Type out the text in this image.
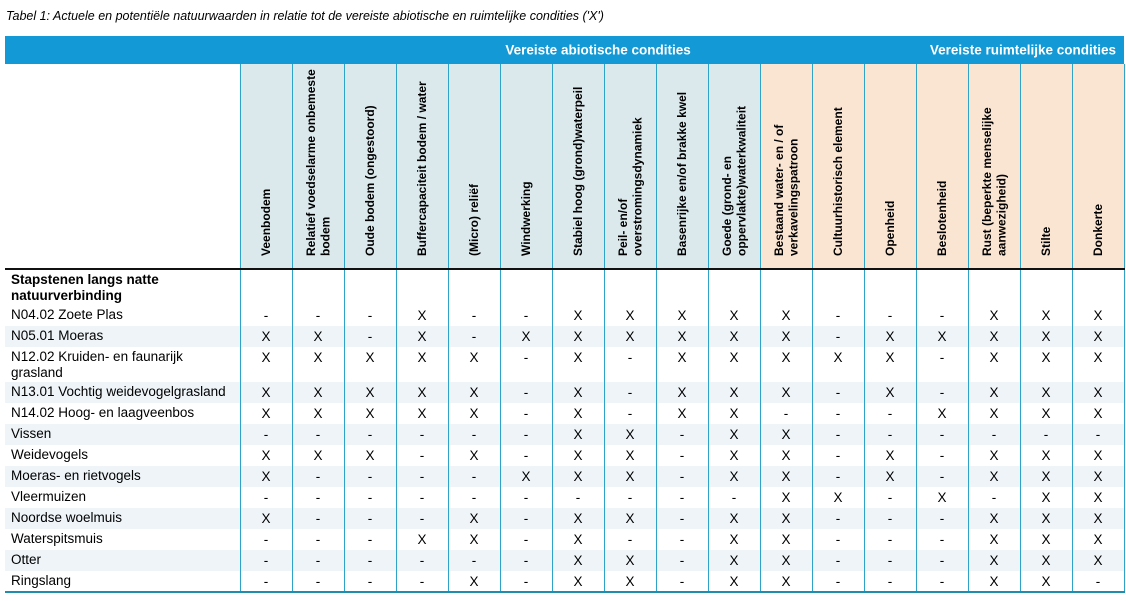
Tabel 1: Actuele en potentiële natuurwaarden in relatie tot de vereiste abiotische en ruimtelijke condities ('X')
Vereiste abiotische condities Vereiste ruimtelijke condities																	

	Veenbodem	Relatief voedselarme onbemeste bodem	Oude bodem (ongestoord)	Buffercapaciteit bodem / water	(Micro) reliëf	Windwerking	Stabiel hoog (grond)waterpeil	Peil- en/of overstromingsdynamiek	Basenrijke en/of brakke kwel	Goede (grond- en oppervlakte)waterkwaliteit	Bestaand water- en / of verkavelingspatroon	Cultuurhistorisch element	Openheid	Beslotenheid	Rust (beperkte menselijke aanwezigheid)	Stilte	Donkerte
Stapstenen langs natte natuurverbinding																	
N04.02 Zoete Plas	-	-	-	X	-	-	X	X	X	X	X	-	-	-	X	X	X
N05.01 Moeras	X	X	-	X	-	X	X	X	X	X	X	-	X	X	X	X	X
N12.02 Kruiden- en faunarijk grasland	X	X	X	X	X	-	X	-	X	X	X	X	X	-	X	X	X
N13.01 Vochtig weidevogelgrasland	X	X	X	X	X	-	X	-	X	X	X	-	X	-	X	X	X
N14.02 Hoog- en laagveenbos	X	X	X	X	X	-	X	-	X	X	-	-	-	X	X	X	X
Vissen	-	-	-	-	-	-	X	X	-	X	X	-	-	-	-	-	-
Weidevogels	X	X	X	-	X	-	X	X	-	X	X	-	X	-	X	X	X
Moeras- en rietvogels	X	-	-	-	-	X	X	X	-	X	X	-	X	-	X	X	X
Vleermuizen	-	-	-	-	-	-	-	-	-	-	X	X	-	X	-	X	X
Noordse woelmuis	X	-	-	-	X	-	X	X	-	X	X	-	-	-	X	X	X
Waterspitsmuis	-	-	-	X	X	-	X	-	-	X	X	-	-	-	X	X	X
Otter	-	-	-	-	-	-	X	X	-	X	X	-	-	-	X	X	X
Ringslang	-	-	-	-	X	-	X	X	-	X	X	-	-	-	X	X	-
